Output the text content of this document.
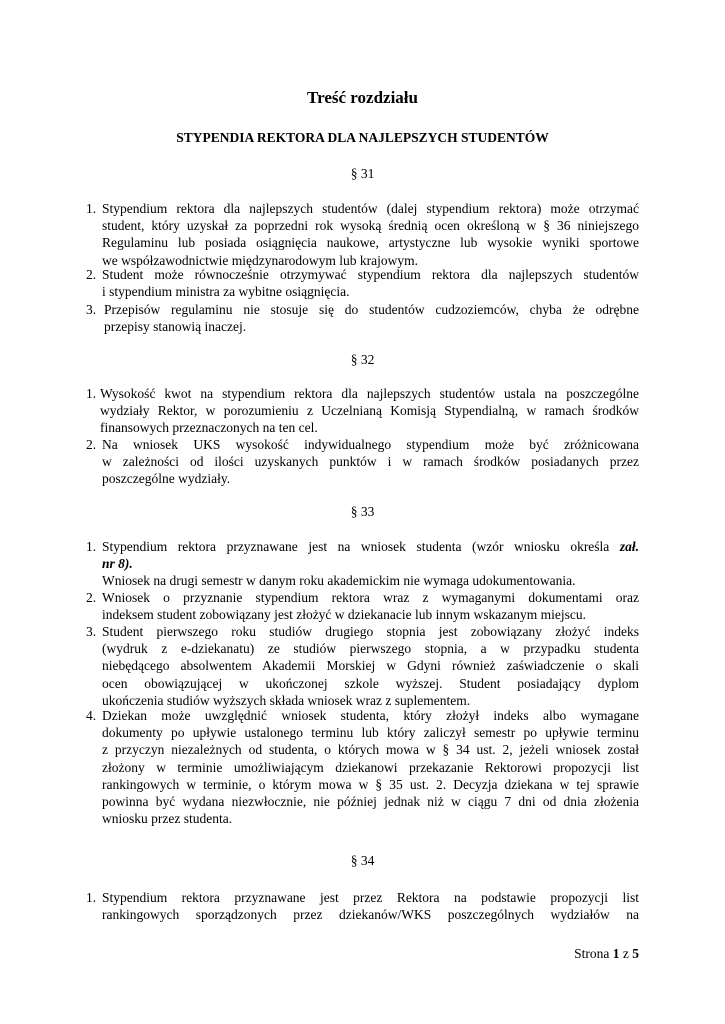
Treść rozdziału
STYPENDIA REKTORA DLA NAJLEPSZYCH STUDENTÓW
§ 31
1. Stypendium rektora dla najlepszych studentów (dalej stypendium rektora) może otrzymać
student, który uzyskał za poprzedni rok wysoką średnią ocen określoną w § 36 niniejszego
Regulaminu lub posiada osiągnięcia naukowe, artystyczne lub wysokie wyniki sportowe
we współzawodnictwie międzynarodowym lub krajowym.
2. Student może równocześnie otrzymywać stypendium rektora dla najlepszych studentów
i stypendium ministra za wybitne osiągnięcia.
3. Przepisów regulaminu nie stosuje się do studentów cudzoziemców, chyba że odrębne
przepisy stanowią inaczej.
§ 32
1. Wysokość kwot na stypendium rektora dla najlepszych studentów ustala na poszczególne
wydziały Rektor, w porozumieniu z Uczelnianą Komisją Stypendialną, w ramach środków
finansowych przeznaczonych na ten cel.
2. Na wniosek UKS wysokość indywidualnego stypendium może być zróżnicowana
w zależności od ilości uzyskanych punktów i w ramach środków posiadanych przez
poszczególne wydziały.
§ 33
1. Stypendium rektora przyznawane jest na wniosek studenta (wzór wniosku określa zał.
nr 8).
Wniosek na drugi semestr w danym roku akademickim nie wymaga udokumentowania.
2. Wniosek o przyznanie stypendium rektora wraz z wymaganymi dokumentami oraz
indeksem student zobowiązany jest złożyć w dziekanacie lub innym wskazanym miejscu.
3. Student pierwszego roku studiów drugiego stopnia jest zobowiązany złożyć indeks
(wydruk z e-dziekanatu) ze studiów pierwszego stopnia, a w przypadku studenta
niebędącego absolwentem Akademii Morskiej w Gdyni również zaświadczenie o skali
ocen obowiązującej w ukończonej szkole wyższej. Student posiadający dyplom
ukończenia studiów wyższych składa wniosek wraz z suplementem.
4. Dziekan może uwzględnić wniosek studenta, który złożył indeks albo wymagane
dokumenty po upływie ustalonego terminu lub który zaliczył semestr po upływie terminu
z przyczyn niezależnych od studenta, o których mowa w § 34 ust. 2, jeżeli wniosek został
złożony w terminie umożliwiającym dziekanowi przekazanie Rektorowi propozycji list
rankingowych w terminie, o którym mowa w § 35 ust. 2. Decyzja dziekana w tej sprawie
powinna być wydana niezwłocznie, nie później jednak niż w ciągu 7 dni od dnia złożenia
wniosku przez studenta.
§ 34
1. Stypendium rektora przyznawane jest przez Rektora na podstawie propozycji list
rankingowych sporządzonych przez dziekanów/WKS poszczególnych wydziałów na
Strona 1 z 5
